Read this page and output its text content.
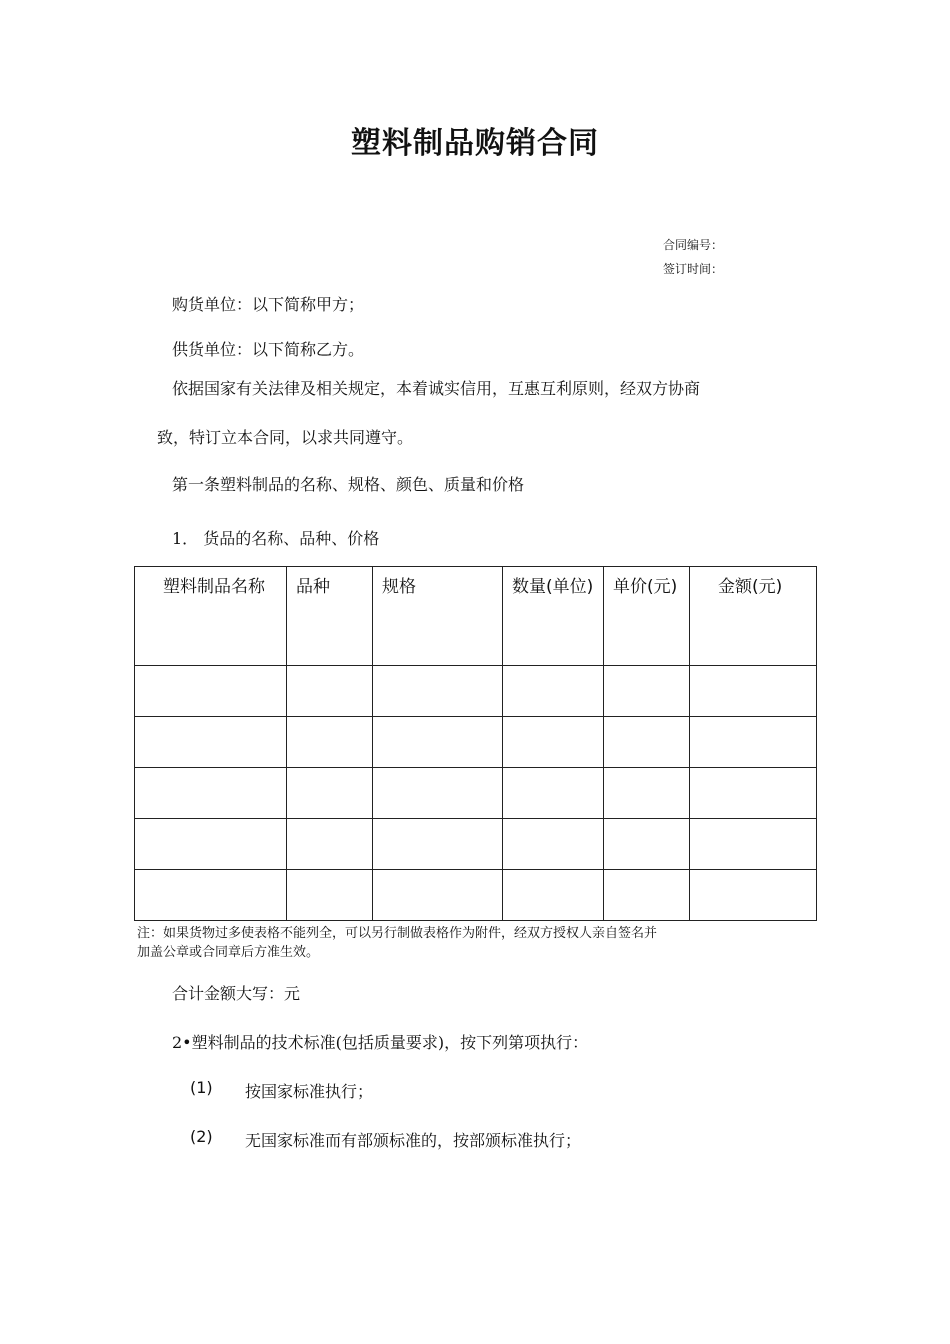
塑料制品购销合同
合同编号：
签订时间：
购货单位：以下简称甲方；
供货单位：以下简称乙方。
依据国家有关法律及相关规定，本着诚实信用，互惠互利原则，经双方协商
致，特订立本合同，以求共同遵守。
第一条塑料制品的名称、规格、颜色、质量和价格
1． 货品的名称、品种、价格
塑料制品名称	品种	规格	数量(单位)	单价(元)	金额(元)

注：如果货物过多使表格不能列全，可以另行制做表格作为附件，经双方授权人亲自签名并
加盖公章或合同章后方准生效。
合计金额大写：元
2•塑料制品的技术标准(包括质量要求)，按下列第项执行：
(1) 按国家标准执行；
(2) 无国家标准而有部颁标准的，按部颁标准执行；
